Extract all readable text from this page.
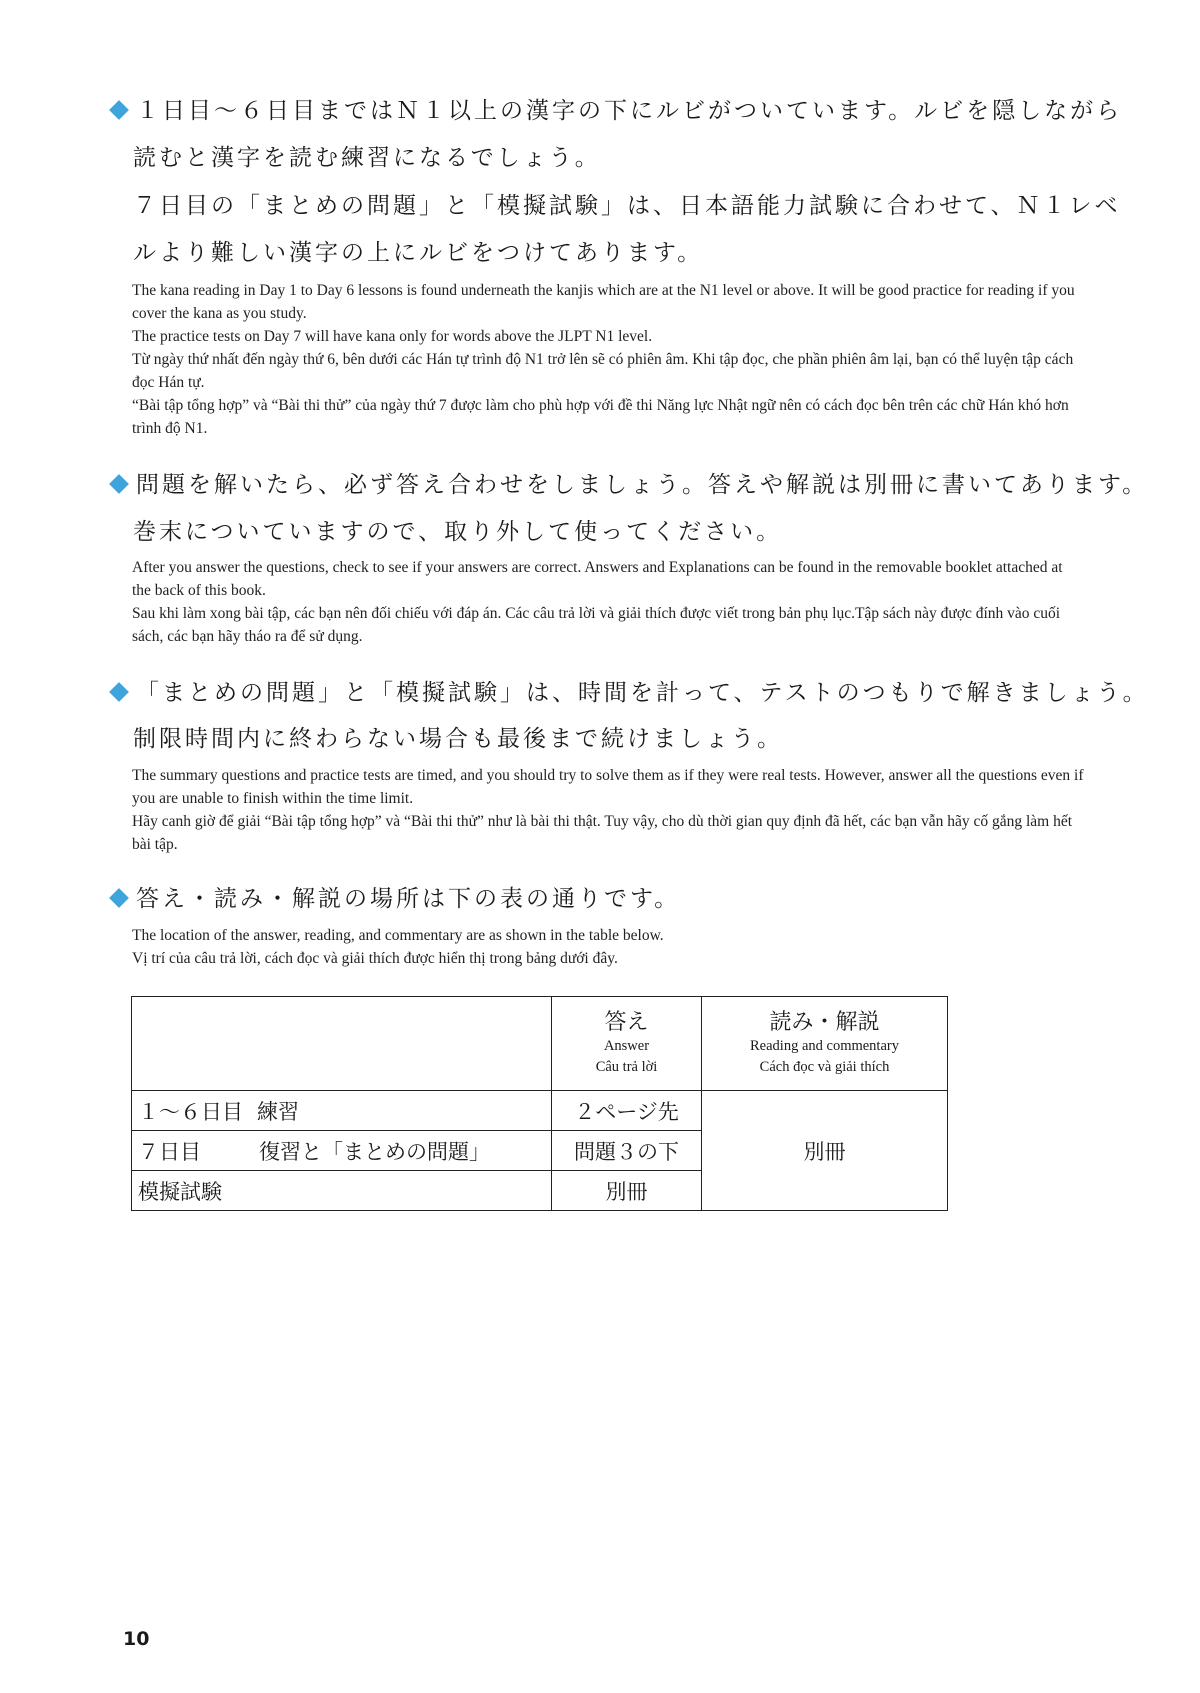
１日目～６日目まではＮ１以上の漢字の下にルビがついています。ルビを隠しながら
読むと漢字を読む練習になるでしょう。
７日目の「まとめの問題」と「模擬試験」は、日本語能力試験に合わせて、Ｎ１レベ
ルより難しい漢字の上にルビをつけてあります。

The kana reading in Day 1 to Day 6 lessons is found underneath the kanjis which are at the N1 level or above. It will be good practice for reading if you cover the kana as you study.

The practice tests on Day 7 will have kana only for words above the JLPT N1 level.

Từ ngày thứ nhất đến ngày thứ 6, bên dưới các Hán tự trình độ N1 trở lên sẽ có phiên âm. Khi tập đọc, che phần phiên âm lại, bạn có thể luyện tập cách đọc Hán tự.

“Bài tập tổng hợp” và “Bài thi thử” của ngày thứ 7 được làm cho phù hợp với đề thi Năng lực Nhật ngữ nên có cách đọc bên trên các chữ Hán khó hơn trình độ N1.

問題を解いたら、必ず答え合わせをしましょう。答えや解説は別冊に書いてあります。
巻末についていますので、取り外して使ってください。

After you answer the questions, check to see if your answers are correct. Answers and Explanations can be found in the removable booklet attached at the back of this book.

Sau khi làm xong bài tập, các bạn nên đối chiếu với đáp án. Các câu trả lời và giải thích được viết trong bản phụ lục.Tập sách này được đính vào cuối sách, các bạn hãy tháo ra để sử dụng.

「まとめの問題」と「模擬試験」は、時間を計って、テストのつもりで解きましょう。
制限時間内に終わらない場合も最後まで続けましょう。

The summary questions and practice tests are timed, and you should try to solve them as if they were real tests. However, answer all the questions even if you are unable to finish within the time limit.

Hãy canh giờ để giải “Bài tập tổng hợp” và “Bài thi thử” như là bài thi thật. Tuy vậy, cho dù thời gian quy định đã hết, các bạn vẫn hãy cố gắng làm hết bài tập.

答え・読み・解説の場所は下の表の通りです。

The location of the answer, reading, and commentary are as shown in the table below.

Vị trí của câu trả lời, cách đọc và giải thích được hiển thị trong bảng dưới đây.

	答え
Answer
Câu trả lời	読み・解説
Reading and commentary
Cách đọc và giải thích

１～６日目 練習	２ページ先	別冊
７日目 復習と「まとめの問題」	問題３の下	
模擬試験	別冊	
10
